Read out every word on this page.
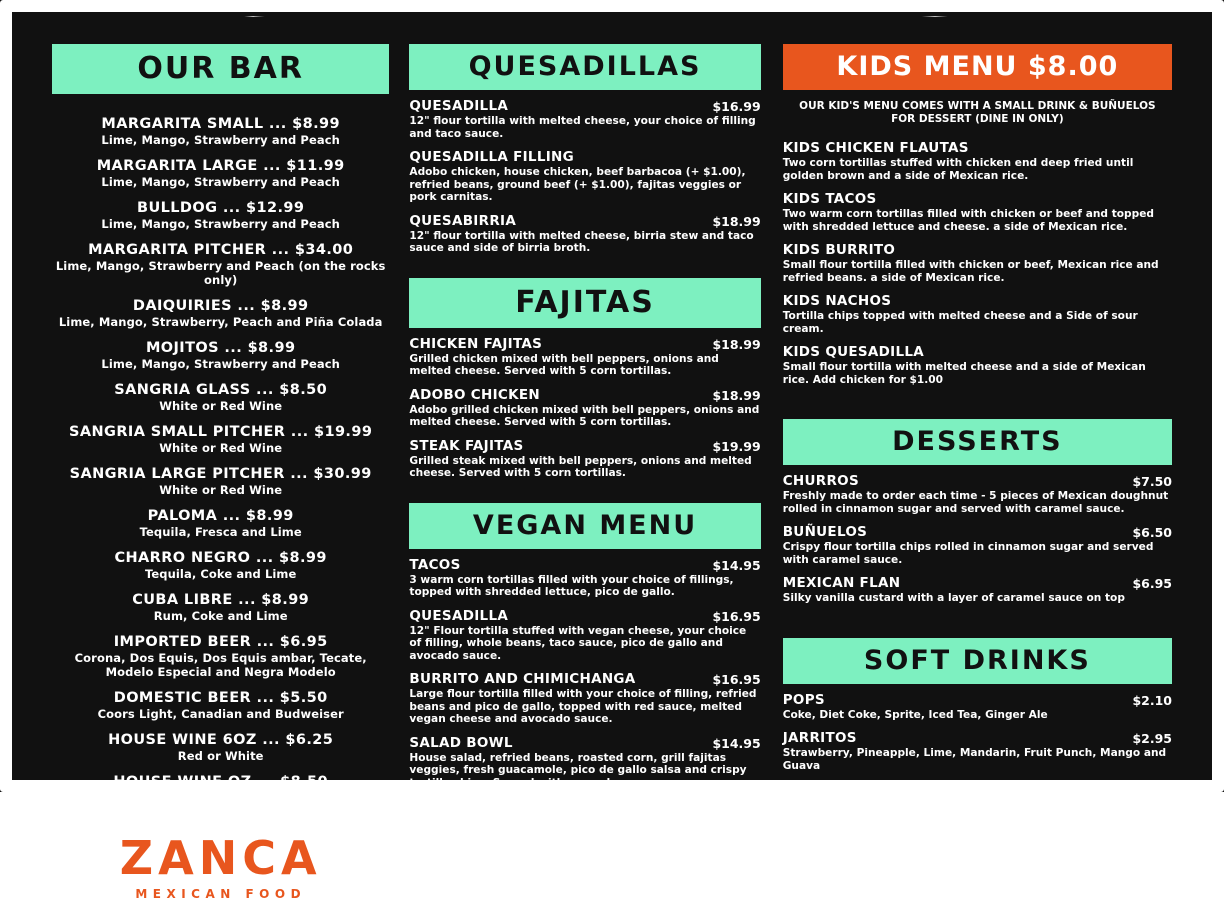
OUR BAR
MARGARITA SMALL ... $8.99
Lime, Mango, Strawberry and Peach
MARGARITA LARGE ... $11.99
Lime, Mango, Strawberry and Peach
BULLDOG ... $12.99
Lime, Mango, Strawberry and Peach
MARGARITA PITCHER ... $34.00
Lime, Mango, Strawberry and Peach (on the rocks only)
DAIQUIRIES ... $8.99
Lime, Mango, Strawberry, Peach and Piña Colada
MOJITOS ... $8.99
Lime, Mango, Strawberry and Peach
SANGRIA GLASS ... $8.50
White or Red Wine
SANGRIA SMALL PITCHER ... $19.99
White or Red Wine
SANGRIA LARGE PITCHER ... $30.99
White or Red Wine
PALOMA ... $8.99
Tequila, Fresca and Lime
CHARRO NEGRO ... $8.99
Tequila, Coke and Lime
CUBA LIBRE ... $8.99
Rum, Coke and Lime
IMPORTED BEER ... $6.95
Corona, Dos Equis, Dos Equis ambar, Tecate, Modelo Especial and Negra Modelo
DOMESTIC BEER ... $5.50
Coors Light, Canadian and Budweiser
HOUSE WINE 6OZ ... $6.25
Red or White
HOUSE WINE OZ ... $8.50
Red or White
ZANCA
MEXICAN FOOD
QUESADILLAS
QUESADILLA	$16.99
12" flour tortilla with melted cheese, your choice of filling and taco sauce.
QUESADILLA FILLING
Adobo chicken, house chicken, beef barbacoa (+ $1.00), refried beans, ground beef (+ $1.00), fajitas veggies or pork carnitas.
QUESABIRRIA	$18.99
12" flour tortilla with melted cheese, birria stew and taco sauce and side of birria broth.
FAJITAS
CHICKEN FAJITAS	$18.99
Grilled chicken mixed with bell peppers, onions and melted cheese. Served with 5 corn tortillas.
ADOBO CHICKEN	$18.99
Adobo grilled chicken mixed with bell peppers, onions and melted cheese. Served with 5 corn tortillas.
STEAK FAJITAS	$19.99
Grilled steak mixed with bell peppers, onions and melted cheese. Served with 5 corn tortillas.
VEGAN MENU
TACOS	$14.95
3 warm corn tortillas filled with your choice of fillings, topped with shredded lettuce, pico de gallo.
QUESADILLA	$16.95
12" Flour tortilla stuffed with vegan cheese, your choice of filling, whole beans, taco sauce, pico de gallo and avocado sauce.
BURRITO AND CHIMICHANGA	$16.95
Large flour tortilla filled with your choice of filling, refried beans and pico de gallo, topped with red sauce, melted vegan cheese and avocado sauce.
SALAD BOWL	$14.95
House salad, refried beans, roasted corn, grill fajitas veggies, fresh guacamole, pico de gallo salsa and crispy tortilla chips. Served with avocado sauce.
RICE BOWL	$15.95
Mexican rice, refried beans, roasted corn, grill fajitas veggies, fresh guacamole, pico de gallo salsa and crispy tortilla chips. Served with vegan avocado sauce.
VEGAN FILLINGS
Fajitas veggies, refried beans and adobo beyond meat (+ $2.00).
KIDS MENU $8.00
OUR KID'S MENU COMES WITH A SMALL DRINK & BUÑUELOS FOR DESSERT (DINE IN ONLY)
KIDS CHICKEN FLAUTAS
Two corn tortillas stuffed with chicken end deep fried until golden brown and a side of Mexican rice.
KIDS TACOS
Two warm corn tortillas filled with chicken or beef and topped with shredded lettuce and cheese. a side of Mexican rice.
KIDS BURRITO
Small flour tortilla filled with chicken or beef, Mexican rice and refried beans. a side of Mexican rice.
KIDS NACHOS
Tortilla chips topped with melted cheese and a Side of sour cream.
KIDS QUESADILLA
Small flour tortilla with melted cheese and a side of Mexican rice. Add chicken for $1.00
DESSERTS
CHURROS	$7.50
Freshly made to order each time - 5 pieces of Mexican doughnut rolled in cinnamon sugar and served with caramel sauce.
BUÑUELOS	$6.50
Crispy flour tortilla chips rolled in cinnamon sugar and served with caramel sauce.
MEXICAN FLAN	$6.95
Silky vanilla custard with a layer of caramel sauce on top
SOFT DRINKS
POPS	$2.10
Coke, Diet Coke, Sprite, Iced Tea, Ginger Ale
JARRITOS	$2.95
Strawberry, Pineapple, Lime, Mandarin, Fruit Punch, Mango and Guava
SMOTHIES	$4.95
Lime, Mango, Strawberry, Peach and Piña Colada
